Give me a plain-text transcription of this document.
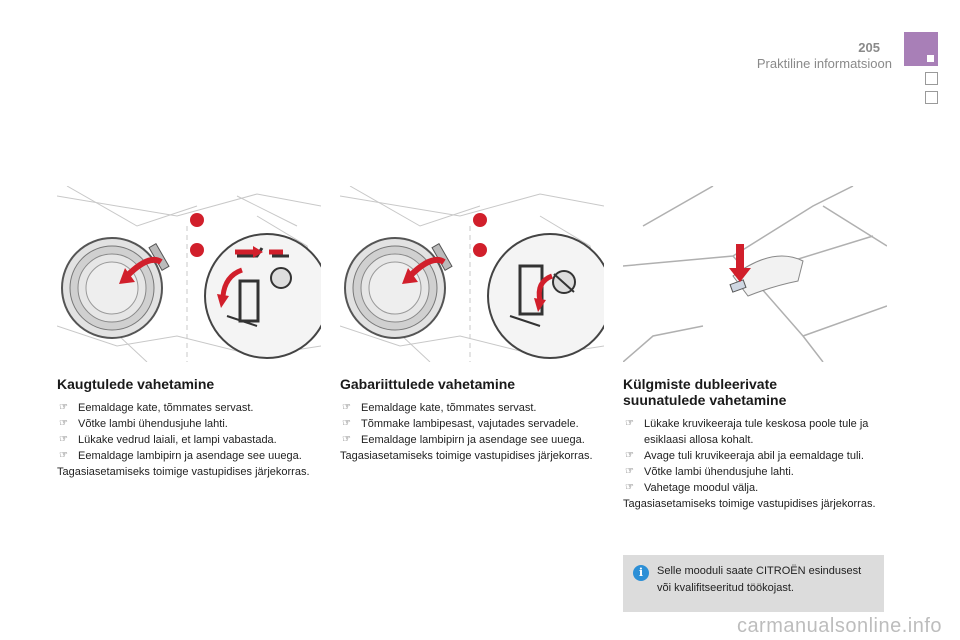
205
Praktiline informatsioon
Kaugtulede vahetamine
☞ Eemaldage kate, tõmmates servast.
☞ Võtke lambi ühendusjuhe lahti.
☞ Lükake vedrud laiali, et lampi vabastada.
☞ Eemaldage lambipirn ja asendage see uuega.

Tagasiasetamiseks toimige vastupidises järjekorras.

Gabariittulede vahetamine
☞ Eemaldage kate, tõmmates servast.
☞ Tõmmake lambipesast, vajutades servadele.
☞ Eemaldage lambipirn ja asendage see uuega.

Tagasiasetamiseks toimige vastupidises järjekorras.

Külgmiste dubleerivate
suunatulede vahetamine
☞ Lükake kruvikeeraja tule keskosa poole tule ja esiklaasi allosa kohalt.
☞ Avage tuli kruvikeeraja abil ja eemaldage tuli.
☞ Võtke lambi ühendusjuhe lahti.
☞ Vahetage moodul välja.

Tagasiasetamiseks toimige vastupidises järjekorras.

i	Selle mooduli saate CITROËN esindusest või kvalifitseeritud töökojast.
carmanualsonline.info
